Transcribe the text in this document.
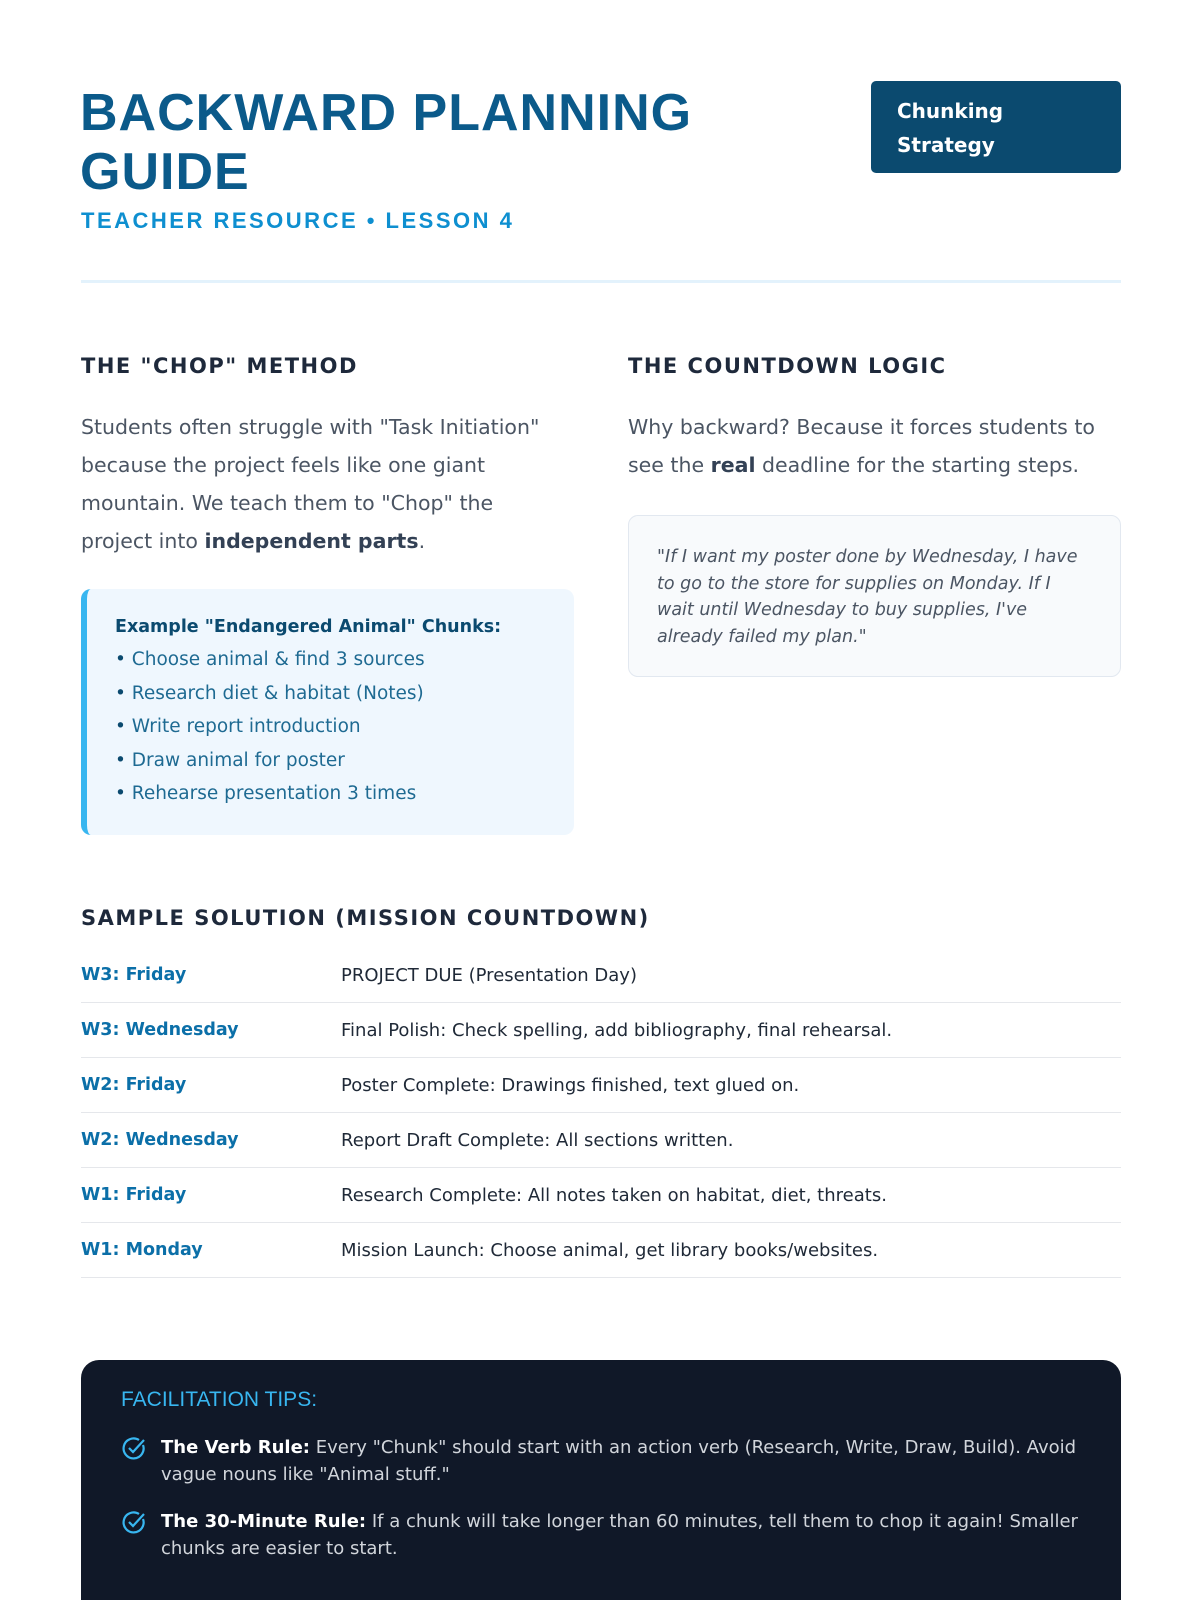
BACKWARD PLANNING GUIDE
TEACHER RESOURCE • LESSON 4
Chunking Strategy
THE "CHOP" METHOD

Students often struggle with "Task Initiation" because the project feels like one giant mountain. We teach them to "Chop" the project into independent parts.

Example "Endangered Animal" Chunks:
• Choose animal & find 3 sources
• Research diet & habitat (Notes)
• Write report introduction
• Draw animal for poster
• Rehearse presentation 3 times
THE COUNTDOWN LOGIC

Why backward? Because it forces students to see the real deadline for the starting steps.

"If I want my poster done by Wednesday, I have to go to the store for supplies on Monday. If I wait until Wednesday to buy supplies, I've already failed my plan."
SAMPLE SOLUTION (MISSION COUNTDOWN)
W3: Friday	PROJECT DUE (Presentation Day)
W3: Wednesday	Final Polish: Check spelling, add bibliography, final rehearsal.
W2: Friday	Poster Complete: Drawings finished, text glued on.
W2: Wednesday	Report Draft Complete: All sections written.
W1: Friday	Research Complete: All notes taken on habitat, diet, threats.
W1: Monday	Mission Launch: Choose animal, get library books/websites.
FACILITATION TIPS:

The Verb Rule: Every "Chunk" should start with an action verb (Research, Write, Draw, Build). Avoid vague nouns like "Animal stuff."

The 30-Minute Rule: If a chunk will take longer than 60 minutes, tell them to chop it again! Smaller chunks are easier to start.
